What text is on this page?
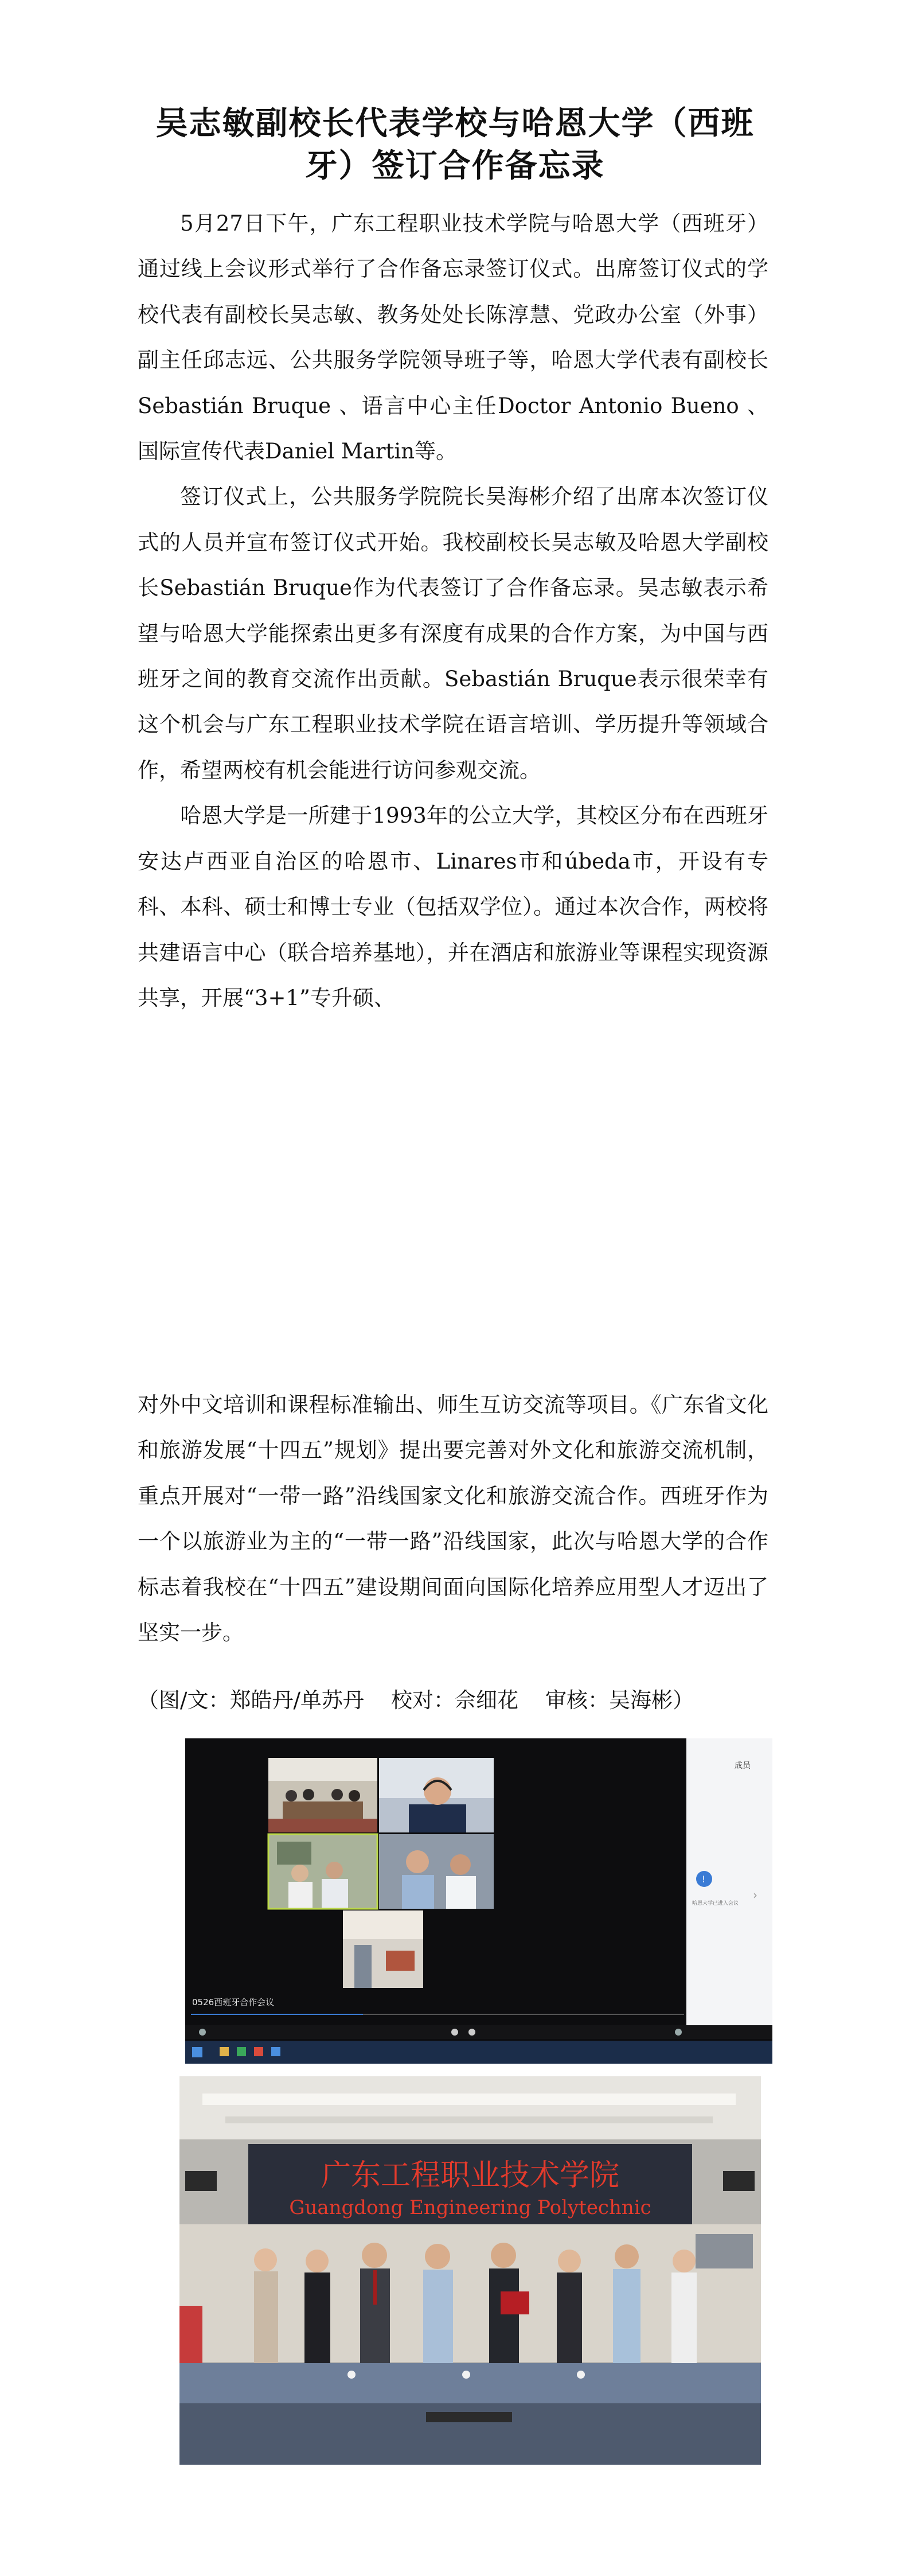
吴志敏副校长代表学校与哈恩大学（西班
牙）签订合作备忘录

5月27日下午，广东工程职业技术学院与哈恩大学（西班牙）通过线上会议形式举行了合作备忘录签订仪式。出席签订仪式的学校代表有副校长吴志敏、教务处处长陈淳慧、党政办公室（外事）副主任邱志远、公共服务学院领导班子等，哈恩大学代表有副校长Sebastián Bruque 、语言中心主任Doctor Antonio Bueno 、国际宣传代表Daniel Martin等。

签订仪式上，公共服务学院院长吴海彬介绍了出席本次签订仪式的人员并宣布签订仪式开始。我校副校长吴志敏及哈恩大学副校长Sebastián Bruque作为代表签订了合作备忘录。吴志敏表示希望与哈恩大学能探索出更多有深度有成果的合作方案，为中国与西班牙之间的教育交流作出贡献。Sebastián Bruque表示很荣幸有这个机会与广东工程职业技术学院在语言培训、学历提升等领域合作，希望两校有机会能进行访问参观交流。

哈恩大学是一所建于1993年的公立大学，其校区分布在西班牙安达卢西亚自治区的哈恩市、Linares市和úbeda市，开设有专科、本科、硕士和博士专业（包括双学位）。通过本次合作，两校将共建语言中心（联合培养基地），并在酒店和旅游业等课程实现资源共享，开展“3+1”专升硕、

对外中文培训和课程标准输出、师生互访交流等项目。《广东省文化和旅游发展“十四五”规划》提出要完善对外文化和旅游交流机制，重点开展对“一带一路”沿线国家文化和旅游交流合作。西班牙作为一个以旅游业为主的“一带一路”沿线国家，此次与哈恩大学的合作标志着我校在“十四五”建设期间面向国际化培养应用型人才迈出了坚实一步。

（图/文：郑皓丹/单苏丹    校对：佘细花    审核：吴海彬）
成员
!
哈恩大学已进入会议
›
0526西班牙合作会议
广东工程职业技术学院
Guangdong Engineering Polytechnic
